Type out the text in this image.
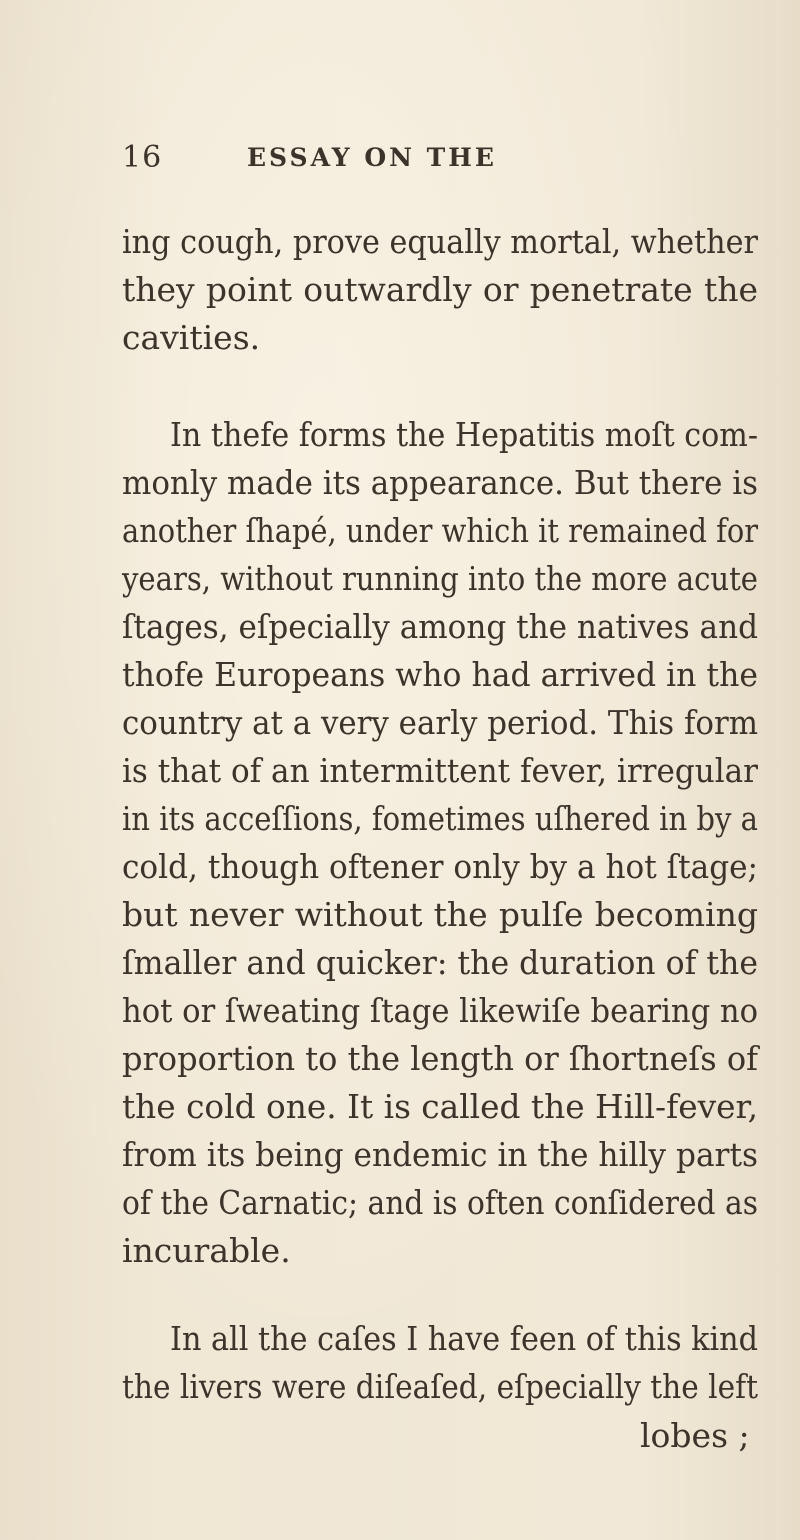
16	ESSAY ON THE
ing cough, prove equally mortal, whether
they point outwardly or penetrate the
cavities.
In thefe forms the Hepatitis moſt com-
monly made its appearance. But there is
another ſhapé, under which it remained for
years, without running into the more acute
ſtages, eſpecially among the natives and
thofe Europeans who had arrived in the
country at a very early period. This form
is that of an intermittent fever, irregular
in its acceſſions, fometimes uſhered in by a
cold, though oftener only by a hot ſtage;
but never without the pulſe becoming
ſmaller and quicker: the duration of the
hot or ſweating ſtage likewiſe bearing no
proportion to the length or ſhortneſs of
the cold one. It is called the Hill-fever,
from its being endemic in the hilly parts
of the Carnatic; and is often conſidered as
incurable.
In all the caſes I have feen of this kind
the livers were diſeaſed, eſpecially the left
lobes ;
